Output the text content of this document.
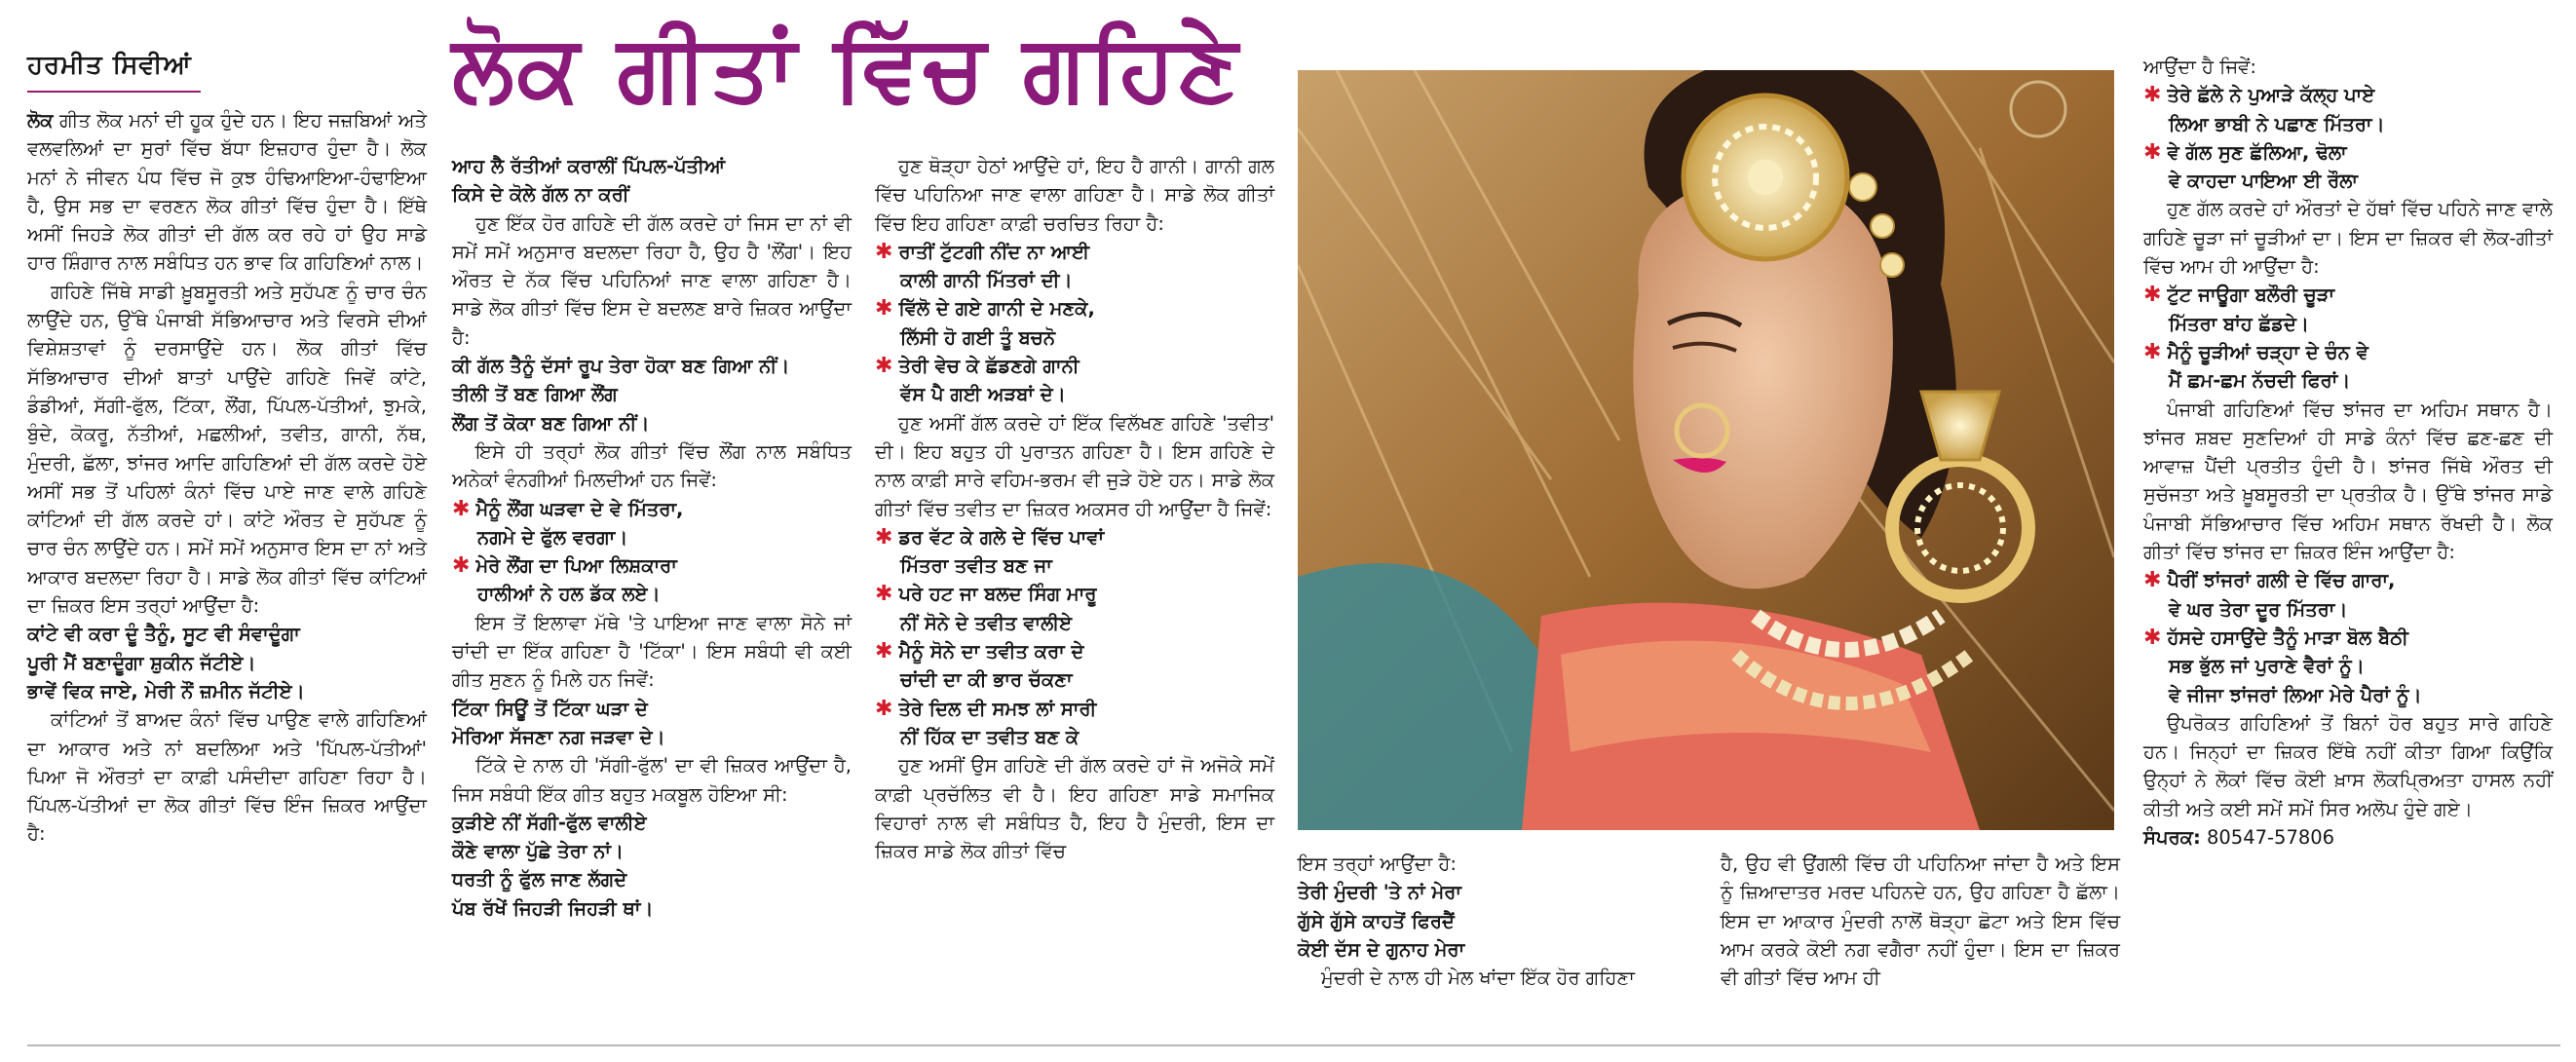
ਹਰਮੀਤ ਸਿਵੀਆਂ

ਲੋਕ ਗੀਤ ਲੋਕ ਮਨਾਂ ਦੀ ਹੂਕ ਹੁੰਦੇ ਹਨ। ਇਹ ਜਜ਼ਬਿਆਂ ਅਤੇ ਵਲਵਲਿਆਂ ਦਾ ਸੁਰਾਂ ਵਿੱਚ ਬੱਧਾ ਇਜ਼ਹਾਰ ਹੁੰਦਾ ਹੈ। ਲੋਕ ਮਨਾਂ ਨੇ ਜੀਵਨ ਪੰਧ ਵਿੱਚ ਜੋ ਕੁਝ ਹੰਢਿਆਇਆ-ਹੰਢਾਇਆ ਹੈ, ਉਸ ਸਭ ਦਾ ਵਰਣਨ ਲੋਕ ਗੀਤਾਂ ਵਿੱਚ ਹੁੰਦਾ ਹੈ। ਇੱਥੇ ਅਸੀਂ ਜਿਹੜੇ ਲੋਕ ਗੀਤਾਂ ਦੀ ਗੱਲ ਕਰ ਰਹੇ ਹਾਂ ਉਹ ਸਾਡੇ ਹਾਰ ਸ਼ਿੰਗਾਰ ਨਾਲ ਸਬੰਧਿਤ ਹਨ ਭਾਵ ਕਿ ਗਹਿਣਿਆਂ ਨਾਲ।

ਗਹਿਣੇ ਜਿੱਥੇ ਸਾਡੀ ਖ਼ੂਬਸੂਰਤੀ ਅਤੇ ਸੁਹੱਪਣ ਨੂੰ ਚਾਰ ਚੰਨ ਲਾਉਂਦੇ ਹਨ, ਉੱਥੇ ਪੰਜਾਬੀ ਸੱਭਿਆਚਾਰ ਅਤੇ ਵਿਰਸੇ ਦੀਆਂ ਵਿਸ਼ੇਸ਼ਤਾਵਾਂ ਨੂੰ ਦਰਸਾਉਂਦੇ ਹਨ। ਲੋਕ ਗੀਤਾਂ ਵਿੱਚ ਸੱਭਿਆਚਾਰ ਦੀਆਂ ਬਾਤਾਂ ਪਾਉਂਦੇ ਗਹਿਣੇ ਜਿਵੇਂ ਕਾਂਟੇ, ਡੰਡੀਆਂ, ਸੱਗੀ-ਫੁੱਲ, ਟਿੱਕਾ, ਲੌਂਗ, ਪਿੱਪਲ-ਪੱਤੀਆਂ, ਝੁਮਕੇ, ਬੁੰਦੇ, ਕੋਕਰੂ, ਨੱਤੀਆਂ, ਮਛਲੀਆਂ, ਤਵੀਤ, ਗਾਨੀ, ਨੱਥ, ਮੁੰਦਰੀ, ਛੱਲਾ, ਝਾਂਜਰ ਆਦਿ ਗਹਿਣਿਆਂ ਦੀ ਗੱਲ ਕਰਦੇ ਹੋਏ ਅਸੀਂ ਸਭ ਤੋਂ ਪਹਿਲਾਂ ਕੰਨਾਂ ਵਿੱਚ ਪਾਏ ਜਾਣ ਵਾਲੇ ਗਹਿਣੇ ਕਾਂਟਿਆਂ ਦੀ ਗੱਲ ਕਰਦੇ ਹਾਂ। ਕਾਂਟੇ ਔਰਤ ਦੇ ਸੁਹੱਪਣ ਨੂੰ ਚਾਰ ਚੰਨ ਲਾਉਂਦੇ ਹਨ। ਸਮੇਂ ਸਮੇਂ ਅਨੁਸਾਰ ਇਸ ਦਾ ਨਾਂ ਅਤੇ ਆਕਾਰ ਬਦਲਦਾ ਰਿਹਾ ਹੈ। ਸਾਡੇ ਲੋਕ ਗੀਤਾਂ ਵਿੱਚ ਕਾਂਟਿਆਂ ਦਾ ਜ਼ਿਕਰ ਇਸ ਤਰ੍ਹਾਂ ਆਉਂਦਾ ਹੈ:

ਕਾਂਟੇ ਵੀ ਕਰਾ ਦੂੰ ਤੈਨੂੰ, ਸੂਟ ਵੀ ਸੰਵਾਦੂੰਗਾ
ਪੂਰੀ ਮੈਂ ਬਣਾਦੂੰਗਾ ਸ਼ੁਕੀਨ ਜੱਟੀਏ।
ਭਾਵੇਂ ਵਿਕ ਜਾਏ, ਮੇਰੀ ਨੌਂ ਜ਼ਮੀਨ ਜੱਟੀਏ।

ਕਾਂਟਿਆਂ ਤੋਂ ਬਾਅਦ ਕੰਨਾਂ ਵਿੱਚ ਪਾਉਣ ਵਾਲੇ ਗਹਿਣਿਆਂ ਦਾ ਆਕਾਰ ਅਤੇ ਨਾਂ ਬਦਲਿਆ ਅਤੇ 'ਪਿੱਪਲ-ਪੱਤੀਆਂ' ਪਿਆ ਜੋ ਔਰਤਾਂ ਦਾ ਕਾਫ਼ੀ ਪਸੰਦੀਦਾ ਗਹਿਣਾ ਰਿਹਾ ਹੈ। ਪਿੱਪਲ-ਪੱਤੀਆਂ ਦਾ ਲੋਕ ਗੀਤਾਂ ਵਿੱਚ ਇੰਜ ਜ਼ਿਕਰ ਆਉਂਦਾ ਹੈ:

ਲੋਕ ਗੀਤਾਂ ਵਿੱਚ ਗਹਿਣੇ
ਆਹ ਲੈ ਰੱਤੀਆਂ ਕਰਾਲੀਂ ਪਿੱਪਲ-ਪੱਤੀਆਂ
ਕਿਸੇ ਦੇ ਕੋਲੇ ਗੱਲ ਨਾ ਕਰੀਂ

ਹੁਣ ਇੱਕ ਹੋਰ ਗਹਿਣੇ ਦੀ ਗੱਲ ਕਰਦੇ ਹਾਂ ਜਿਸ ਦਾ ਨਾਂ ਵੀ ਸਮੇਂ ਸਮੇਂ ਅਨੁਸਾਰ ਬਦਲਦਾ ਰਿਹਾ ਹੈ, ਉਹ ਹੈ 'ਲੌਂਗ'। ਇਹ ਔਰਤ ਦੇ ਨੱਕ ਵਿੱਚ ਪਹਿਨਿਆਂ ਜਾਣ ਵਾਲਾ ਗਹਿਣਾ ਹੈ। ਸਾਡੇ ਲੋਕ ਗੀਤਾਂ ਵਿੱਚ ਇਸ ਦੇ ਬਦਲਣ ਬਾਰੇ ਜ਼ਿਕਰ ਆਉਂਦਾ ਹੈ:

ਕੀ ਗੱਲ ਤੈਨੂੰ ਦੱਸਾਂ ਰੂਪ ਤੇਰਾ ਹੋਕਾ ਬਣ ਗਿਆ ਨੀਂ।
ਤੀਲੀ ਤੋਂ ਬਣ ਗਿਆ ਲੌਂਗ
ਲੌਂਗ ਤੋਂ ਕੋਕਾ ਬਣ ਗਿਆ ਨੀਂ।

ਇਸੇ ਹੀ ਤਰ੍ਹਾਂ ਲੋਕ ਗੀਤਾਂ ਵਿੱਚ ਲੌਂਗ ਨਾਲ ਸਬੰਧਿਤ ਅਨੇਕਾਂ ਵੰਨਗੀਆਂ ਮਿਲਦੀਆਂ ਹਨ ਜਿਵੇਂ:

✱ ਮੈਨੂੰ ਲੌਂਗ ਘੜਵਾ ਦੇ ਵੇ ਮਿੱਤਰਾ,
ਨਗਮੇ ਦੇ ਫੁੱਲ ਵਰਗਾ।
✱ ਮੇਰੇ ਲੌਂਗ ਦਾ ਪਿਆ ਲਿਸ਼ਕਾਰਾ
ਹਾਲੀਆਂ ਨੇ ਹਲ ਡੱਕ ਲਏ।

ਇਸ ਤੋਂ ਇਲਾਵਾ ਮੱਥੇ 'ਤੇ ਪਾਇਆ ਜਾਣ ਵਾਲਾ ਸੋਨੇ ਜਾਂ ਚਾਂਦੀ ਦਾ ਇੱਕ ਗਹਿਣਾ ਹੈ 'ਟਿੱਕਾ'। ਇਸ ਸਬੰਧੀ ਵੀ ਕਈ ਗੀਤ ਸੁਣਨ ਨੂੰ ਮਿਲੇ ਹਨ ਜਿਵੇਂ:

ਟਿੱਕਾ ਸਿਊਂ ਤੋਂ ਟਿੱਕਾ ਘੜਾ ਦੇ
ਮੋਰਿਆ ਸੱਜਣਾ ਨਗ ਜੜਵਾ ਦੇ।

ਟਿੱਕੇ ਦੇ ਨਾਲ ਹੀ 'ਸੱਗੀ-ਫੁੱਲ' ਦਾ ਵੀ ਜ਼ਿਕਰ ਆਉਂਦਾ ਹੈ, ਜਿਸ ਸਬੰਧੀ ਇੱਕ ਗੀਤ ਬਹੁਤ ਮਕਬੂਲ ਹੋਇਆ ਸੀ:

ਕੁੜੀਏ ਨੀਂ ਸੱਗੀ-ਫੁੱਲ ਵਾਲੀਏ
ਕੌਣੇ ਵਾਲਾ ਪੁੱਛੇ ਤੇਰਾ ਨਾਂ।
ਧਰਤੀ ਨੂੰ ਫੁੱਲ ਜਾਣ ਲੱਗਦੇ
ਪੱਬ ਰੱਖੇਂ ਜਿਹੜੀ ਜਿਹੜੀ ਥਾਂ।

ਹੁਣ ਥੋੜ੍ਹਾ ਹੇਠਾਂ ਆਉਂਦੇ ਹਾਂ, ਇਹ ਹੈ ਗਾਨੀ। ਗਾਨੀ ਗਲ ਵਿੱਚ ਪਹਿਨਿਆ ਜਾਣ ਵਾਲਾ ਗਹਿਣਾ ਹੈ। ਸਾਡੇ ਲੋਕ ਗੀਤਾਂ ਵਿੱਚ ਇਹ ਗਹਿਣਾ ਕਾਫ਼ੀ ਚਰਚਿਤ ਰਿਹਾ ਹੈ:

✱ ਰਾਤੀਂ ਟੁੱਟਗੀ ਨੀਂਦ ਨਾ ਆਈ
ਕਾਲੀ ਗਾਨੀ ਮਿੱਤਰਾਂ ਦੀ।
✱ ਵਿੱਲੋ ਦੇ ਗਏ ਗਾਨੀ ਦੇ ਮਣਕੇ,
ਲਿੱਸੀ ਹੋ ਗਈ ਤੂੰ ਬਚਨੋ
✱ ਤੇਰੀ ਵੇਚ ਕੇ ਛੱਡਣਗੇ ਗਾਨੀ
ਵੱਸ ਪੈ ਗਈ ਅੜਬਾਂ ਦੇ।

ਹੁਣ ਅਸੀਂ ਗੱਲ ਕਰਦੇ ਹਾਂ ਇੱਕ ਵਿਲੱਖਣ ਗਹਿਣੇ 'ਤਵੀਤ' ਦੀ। ਇਹ ਬਹੁਤ ਹੀ ਪੁਰਾਤਨ ਗਹਿਣਾ ਹੈ। ਇਸ ਗਹਿਣੇ ਦੇ ਨਾਲ ਕਾਫ਼ੀ ਸਾਰੇ ਵਹਿਮ-ਭਰਮ ਵੀ ਜੁੜੇ ਹੋਏ ਹਨ। ਸਾਡੇ ਲੋਕ ਗੀਤਾਂ ਵਿੱਚ ਤਵੀਤ ਦਾ ਜ਼ਿਕਰ ਅਕਸਰ ਹੀ ਆਉਂਦਾ ਹੈ ਜਿਵੇਂ:

✱ ਡਰ ਵੱਟ ਕੇ ਗਲੇ ਦੇ ਵਿੱਚ ਪਾਵਾਂ
ਮਿੱਤਰਾ ਤਵੀਤ ਬਣ ਜਾ
✱ ਪਰੇ ਹਟ ਜਾ ਬਲਦ ਸਿੰਗ ਮਾਰੂ
ਨੀਂ ਸੋਨੇ ਦੇ ਤਵੀਤ ਵਾਲੀਏ
✱ ਮੈਨੂੰ ਸੋਨੇ ਦਾ ਤਵੀਤ ਕਰਾ ਦੇ
ਚਾਂਦੀ ਦਾ ਕੀ ਭਾਰ ਚੱਕਣਾ
✱ ਤੇਰੇ ਦਿਲ ਦੀ ਸਮਝ ਲਾਂ ਸਾਰੀ
ਨੀਂ ਹਿੱਕ ਦਾ ਤਵੀਤ ਬਣ ਕੇ

ਹੁਣ ਅਸੀਂ ਉਸ ਗਹਿਣੇ ਦੀ ਗੱਲ ਕਰਦੇ ਹਾਂ ਜੋ ਅਜੋਕੇ ਸਮੇਂ ਕਾਫ਼ੀ ਪ੍ਰਚੱਲਿਤ ਵੀ ਹੈ। ਇਹ ਗਹਿਣਾ ਸਾਡੇ ਸਮਾਜਿਕ ਵਿਹਾਰਾਂ ਨਾਲ ਵੀ ਸਬੰਧਿਤ ਹੈ, ਇਹ ਹੈ ਮੁੰਦਰੀ, ਇਸ ਦਾ ਜ਼ਿਕਰ ਸਾਡੇ ਲੋਕ ਗੀਤਾਂ ਵਿੱਚ

ਇਸ ਤਰ੍ਹਾਂ ਆਉਂਦਾ ਹੈ:

ਤੇਰੀ ਮੁੰਦਰੀ 'ਤੇ ਨਾਂ ਮੇਰਾ
ਗੁੱਸੇ ਗੁੱਸੇ ਕਾਹਤੋਂ ਫਿਰਦੈਂ
ਕੋਈ ਦੱਸ ਦੇ ਗੁਨਾਹ ਮੇਰਾ

ਮੁੰਦਰੀ ਦੇ ਨਾਲ ਹੀ ਮੇਲ ਖਾਂਦਾ ਇੱਕ ਹੋਰ ਗਹਿਣਾ

ਹੈ, ਉਹ ਵੀ ਉਂਗਲੀ ਵਿੱਚ ਹੀ ਪਹਿਨਿਆ ਜਾਂਦਾ ਹੈ ਅਤੇ ਇਸ ਨੂੰ ਜ਼ਿਆਦਾਤਰ ਮਰਦ ਪਹਿਨਦੇ ਹਨ, ਉਹ ਗਹਿਣਾ ਹੈ ਛੱਲਾ। ਇਸ ਦਾ ਆਕਾਰ ਮੁੰਦਰੀ ਨਾਲੋਂ ਥੋੜ੍ਹਾ ਛੋਟਾ ਅਤੇ ਇਸ ਵਿੱਚ ਆਮ ਕਰਕੇ ਕੋਈ ਨਗ ਵਗੈਰਾ ਨਹੀਂ ਹੁੰਦਾ। ਇਸ ਦਾ ਜ਼ਿਕਰ ਵੀ ਗੀਤਾਂ ਵਿੱਚ ਆਮ ਹੀ

ਆਉਂਦਾ ਹੈ ਜਿਵੇਂ:

✱ ਤੇਰੇ ਛੱਲੇ ਨੇ ਪੁਆੜੇ ਕੱਲ੍ਹ ਪਾਏ
ਲਿਆ ਭਾਬੀ ਨੇ ਪਛਾਣ ਮਿੱਤਰਾ।
✱ ਵੇ ਗੱਲ ਸੁਣ ਛੱਲਿਆ, ਢੋਲਾ
ਵੇ ਕਾਹਦਾ ਪਾਇਆ ਈ ਰੌਲਾ

ਹੁਣ ਗੱਲ ਕਰਦੇ ਹਾਂ ਔਰਤਾਂ ਦੇ ਹੱਥਾਂ ਵਿੱਚ ਪਹਿਨੇ ਜਾਣ ਵਾਲੇ ਗਹਿਣੇ ਚੂੜਾ ਜਾਂ ਚੂੜੀਆਂ ਦਾ। ਇਸ ਦਾ ਜ਼ਿਕਰ ਵੀ ਲੋਕ-ਗੀਤਾਂ ਵਿੱਚ ਆਮ ਹੀ ਆਉਂਦਾ ਹੈ:

✱ ਟੁੱਟ ਜਾਊਗਾ ਬਲੌਰੀ ਚੂੜਾ
ਮਿੱਤਰਾ ਬਾਂਹ ਛੱਡਦੇ।
✱ ਮੈਨੂੰ ਚੂੜੀਆਂ ਚੜ੍ਹਾ ਦੇ ਚੰਨ ਵੇ
ਮੈਂ ਛਮ-ਛਮ ਨੱਚਦੀ ਫਿਰਾਂ।

ਪੰਜਾਬੀ ਗਹਿਣਿਆਂ ਵਿੱਚ ਝਾਂਜਰ ਦਾ ਅਹਿਮ ਸਥਾਨ ਹੈ। ਝਾਂਜਰ ਸ਼ਬਦ ਸੁਣਦਿਆਂ ਹੀ ਸਾਡੇ ਕੰਨਾਂ ਵਿੱਚ ਛਣ-ਛਣ ਦੀ ਆਵਾਜ਼ ਪੈਂਦੀ ਪ੍ਰਤੀਤ ਹੁੰਦੀ ਹੈ। ਝਾਂਜਰ ਜਿੱਥੇ ਔਰਤ ਦੀ ਸੁਚੱਜਤਾ ਅਤੇ ਖ਼ੂਬਸੂਰਤੀ ਦਾ ਪ੍ਰਤੀਕ ਹੈ। ਉੱਥੇ ਝਾਂਜਰ ਸਾਡੇ ਪੰਜਾਬੀ ਸੱਭਿਆਚਾਰ ਵਿੱਚ ਅਹਿਮ ਸਥਾਨ ਰੱਖਦੀ ਹੈ। ਲੋਕ ਗੀਤਾਂ ਵਿੱਚ ਝਾਂਜਰ ਦਾ ਜ਼ਿਕਰ ਇੰਜ ਆਉਂਦਾ ਹੈ:

✱ ਪੈਰੀਂ ਝਾਂਜਰਾਂ ਗਲੀ ਦੇ ਵਿੱਚ ਗਾਰਾ,
ਵੇ ਘਰ ਤੇਰਾ ਦੂਰ ਮਿੱਤਰਾ।
✱ ਹੱਸਦੇ ਹਸਾਉਂਦੇ ਤੈਨੂੰ ਮਾੜਾ ਬੋਲ ਬੈਠੀ
ਸਭ ਭੁੱਲ ਜਾਂ ਪੁਰਾਣੇ ਵੈਰਾਂ ਨੂੰ।
ਵੇ ਜੀਜਾ ਝਾਂਜਰਾਂ ਲਿਆ ਮੇਰੇ ਪੈਰਾਂ ਨੂੰ।

ਉਪਰੋਕਤ ਗਹਿਣਿਆਂ ਤੋਂ ਬਿਨਾਂ ਹੋਰ ਬਹੁਤ ਸਾਰੇ ਗਹਿਣੇ ਹਨ। ਜਿਨ੍ਹਾਂ ਦਾ ਜ਼ਿਕਰ ਇੱਥੇ ਨਹੀਂ ਕੀਤਾ ਗਿਆ ਕਿਉਂਕਿ ਉਨ੍ਹਾਂ ਨੇ ਲੋਕਾਂ ਵਿੱਚ ਕੋਈ ਖ਼ਾਸ ਲੋਕਪ੍ਰਿਅਤਾ ਹਾਸਲ ਨਹੀਂ ਕੀਤੀ ਅਤੇ ਕਈ ਸਮੇਂ ਸਮੇਂ ਸਿਰ ਅਲੋਪ ਹੁੰਦੇ ਗਏ।

ਸੰਪਰਕ: 80547-57806
